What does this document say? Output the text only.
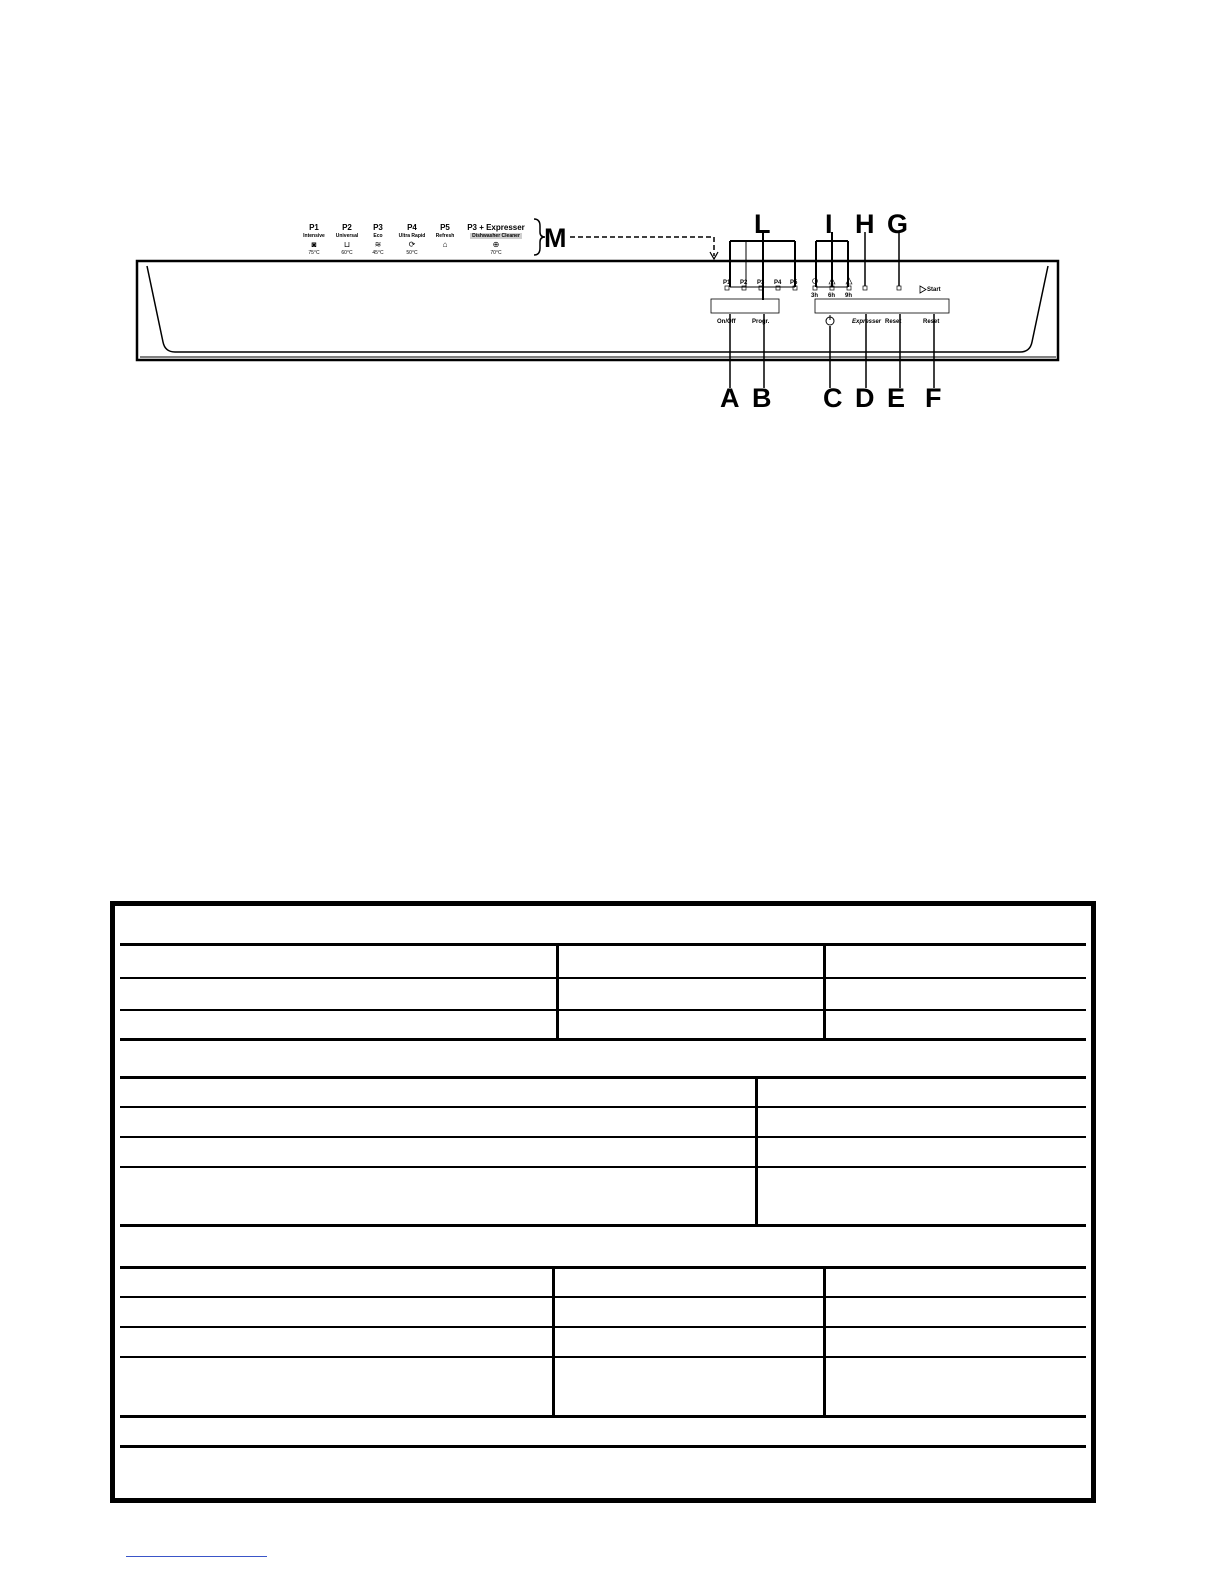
P1
Intensive
◙
75°C
P2
Universal
⊔
60°C
P3
Eco
≋
45°C
P4
Ultra Rapid
⟳
50°C
P5
Refresh
⌂
P3 + Expresser
Dishwasher Cleaner
⊕
70°C
P1 P2 P3 P4 P5
3h 6h 9h
Start
On/Off	Progr.	Expresser Reset	Reset
L I H G
M
A B C D E F
